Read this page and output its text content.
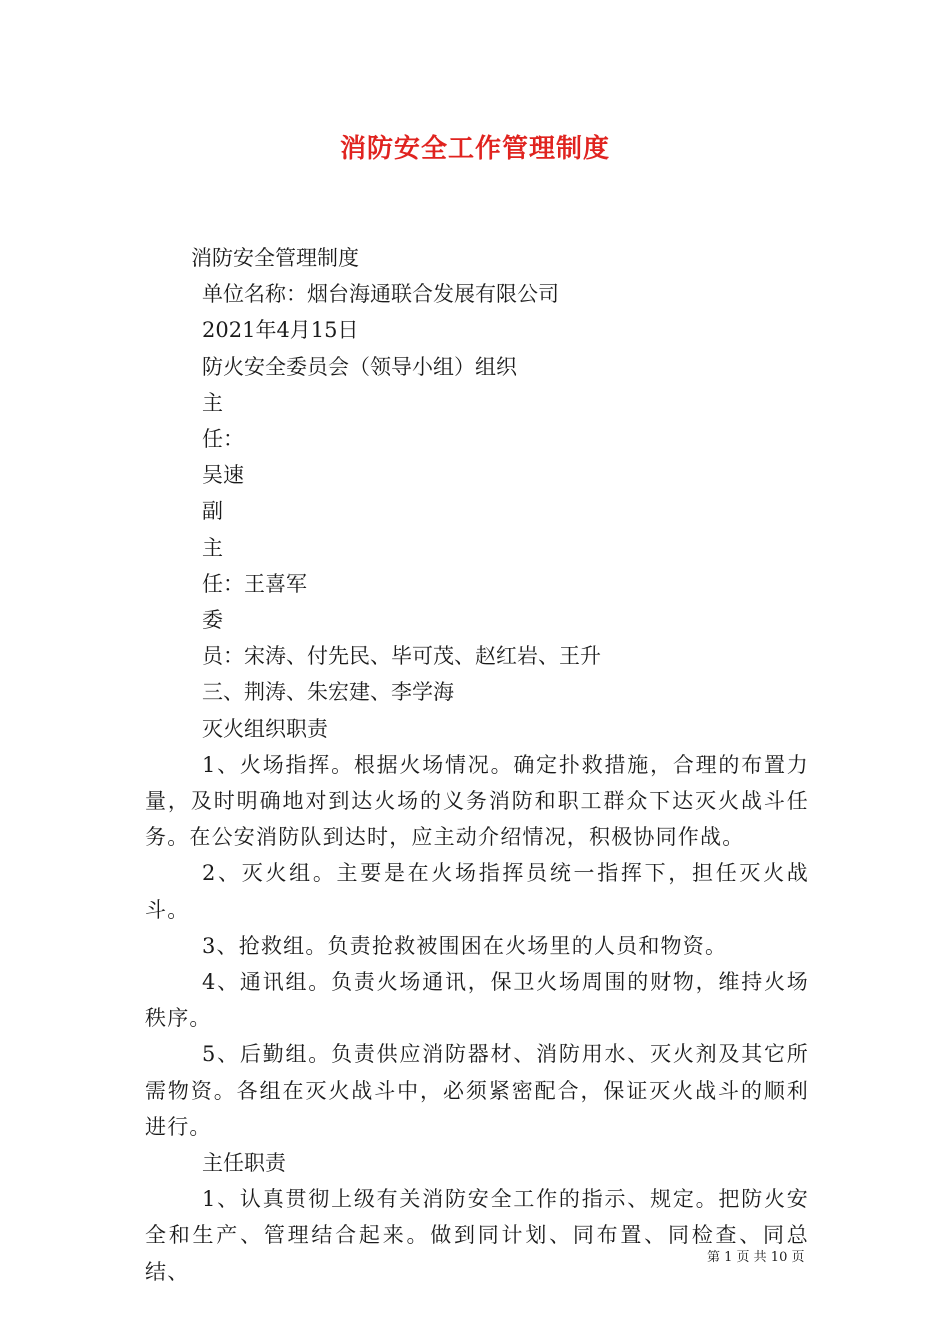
消防安全工作管理制度
消防安全管理制度
单位名称：烟台海通联合发展有限公司
2021年4月15日
防火安全委员会（领导小组）组织
主
任：
吴速
副
主
任：王喜军
委
员：宋涛、付先民、毕可茂、赵红岩、王升
三、荆涛、朱宏建、李学海
灭火组织职责
1、火场指挥。根据火场情况。确定扑救措施，合理的布置力量，及时明确地对到达火场的义务消防和职工群众下达灭火战斗任务。在公安消防队到达时，应主动介绍情况，积极协同作战。
2、灭火组。主要是在火场指挥员统一指挥下，担任灭火战斗。
3、抢救组。负责抢救被围困在火场里的人员和物资。
4、通讯组。负责火场通讯，保卫火场周围的财物，维持火场秩序。
5、后勤组。负责供应消防器材、消防用水、灭火剂及其它所需物资。各组在灭火战斗中，必须紧密配合，保证灭火战斗的顺利进行。
主任职责
1、认真贯彻上级有关消防安全工作的指示、规定。把防火安全和生产、管理结合起来。做到同计划、同布置、同检查、同总结、
第 1 页 共 10 页
